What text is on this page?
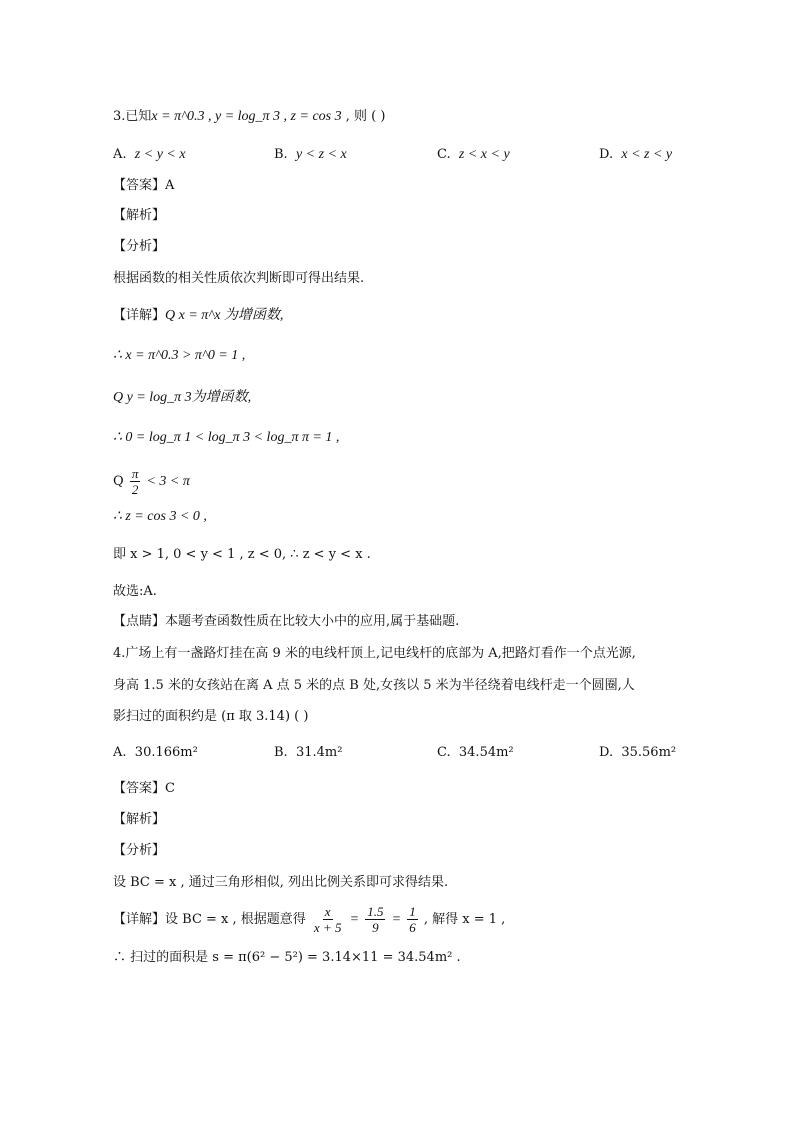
3.已知x = π^0.3 , y = log_π 3 , z = cos 3 , 则 ( )
A. z < y < x	B. y < z < x	C. z < x < y	D. x < z < y
【答案】A
【解析】
【分析】
根据函数的相关性质依次判断即可得出结果.
【详解】Q x = π^x 为增函数,
∴ x = π^0.3 > π^0 = 1 ,
Q y = log_π 3为增函数,
∴ 0 = log_π 1 < log_π 3 < log_π π = 1 ,
Q $\frac{\pi}{2} < 3 < \pi$
∴ z = cos 3 < 0 ,
即 x > 1, 0 < y < 1 , z < 0, ∴ z < y < x .
故选:A.
【点睛】本题考查函数性质在比较大小中的应用,属于基础题.
4.广场上有一盏路灯挂在高 9 米的电线杆顶上,记电线杆的底部为 A,把路灯看作一个点光源,
身高 1.5 米的女孩站在离 A 点 5 米的点 B 处,女孩以 5 米为半径绕着电线杆走一个圆圈,人
影扫过的面积约是 (π 取 3.14) ( )
A. 30.166m²	B. 31.4m²	C. 34.54m²	D. 35.56m²
【答案】C
【解析】
【分析】
设 BC = x , 通过三角形相似, 列出比例关系即可求得结果.
【详解】设 BC = x , 根据题意得 $\frac{x}{x + 5} = \frac{1.5}{9} = \frac{1}{6}$ , 解得 x = 1 ,
∴ 扫过的面积是 s = π(6² − 5²) = 3.14×11 = 34.54m² .
